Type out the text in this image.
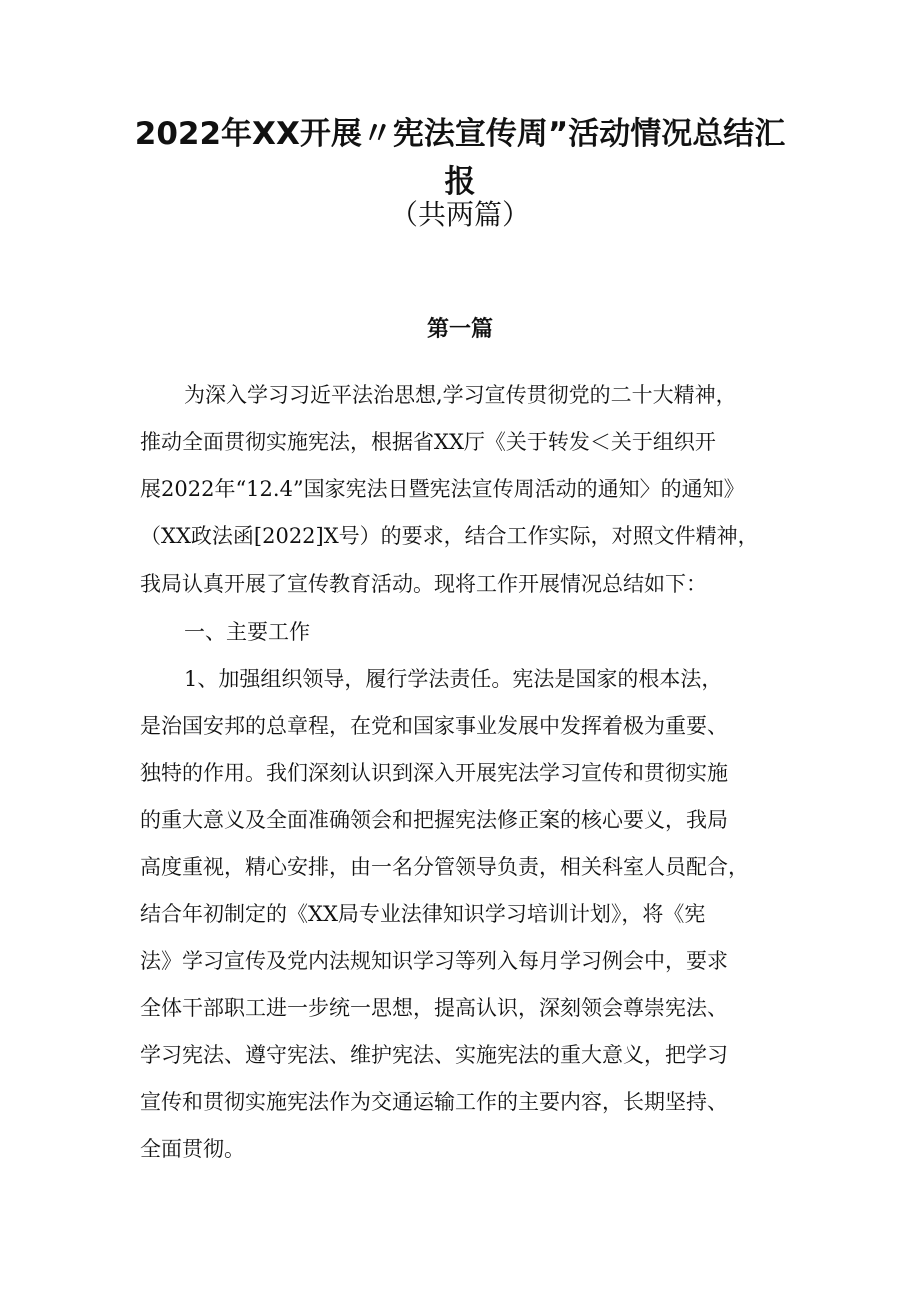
2022年XX开展〃宪法宣传周”活动情况总结汇
报
（共两篇）
第一篇
为深入学习习近平法治思想,学习宣传贯彻党的二十大精神，
推动全面贯彻实施宪法，根据省XX厅《关于转发＜关于组织开
展2022年“12.4”国家宪法日暨宪法宣传周活动的通知〉的通知》
（XX政法函[2022]X号）的要求，结合工作实际，对照文件精神，
我局认真开展了宣传教育活动。现将工作开展情况总结如下：
一、主要工作
1、加强组织领导，履行学法责任。宪法是国家的根本法，
是治国安邦的总章程，在党和国家事业发展中发挥着极为重要、
独特的作用。我们深刻认识到深入开展宪法学习宣传和贯彻实施
的重大意义及全面准确领会和把握宪法修正案的核心要义，我局
高度重视，精心安排，由一名分管领导负责，相关科室人员配合，
结合年初制定的《XX局专业法律知识学习培训计划》，将《宪
法》学习宣传及党内法规知识学习等列入每月学习例会中，要求
全体干部职工进一步统一思想，提高认识，深刻领会尊崇宪法、
学习宪法、遵守宪法、维护宪法、实施宪法的重大意义，把学习
宣传和贯彻实施宪法作为交通运输工作的主要内容，长期坚持、
全面贯彻。
